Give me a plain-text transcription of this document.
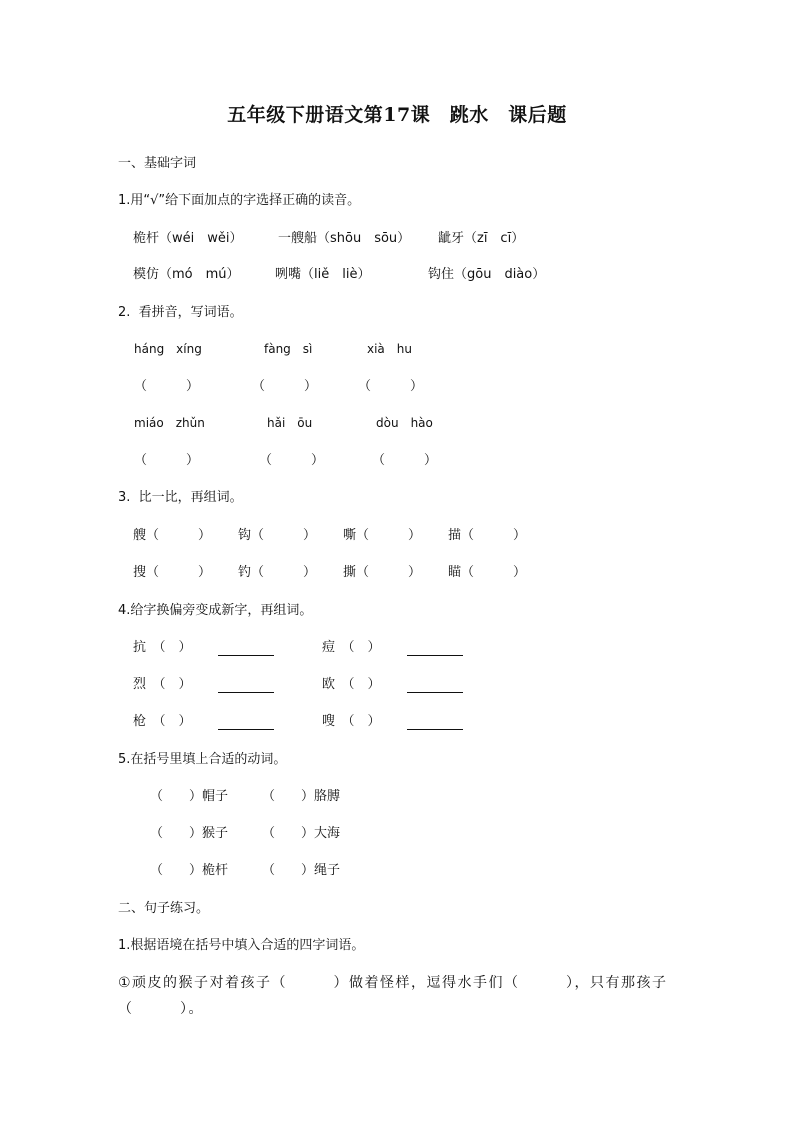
五年级下册语文第17课　跳水　课后题
一、基础字词
1.用“√”给下面加点的字选择正确的读音。
桅杆（wéi　wěi）	一艘船（shōu　sōu） 龇牙（zī　cī）
模仿（mó　mú）	咧嘴（liě　liè）	钩住（gōu　diào）
2.  看拼音，写词语。
háng　xíng	fàng　sì	xià　hu
（　　　）	（　　　）	（　　　）
miáo　zhǔn	hǎi　ōu	dòu　hào
（　　　）	（　　　）	（　　　）
3.  比一比，再组词。
艘（　　　） 钩（　　　） 嘶（　　　） 描（　　　）
搜（　　　） 钓（　　　） 撕（　　　） 瞄（　　　）
4.给字换偏旁变成新字，再组词。
抗　（　）	痘　（　）
烈　（　）	欧　（　）
枪　（　）	嗖　（　）
5.在括号里填上合适的动词。
（　　）帽子	（　　）胳膊
（　　）猴子	（　　）大海
（　　）桅杆	（　　）绳子
二、句子练习。
1.根据语境在括号中填入合适的四字词语。
①顽皮的猴子对着孩子（　　　）做着怪样，逗得水手们（　　　），只有那孩子（　　　）。
